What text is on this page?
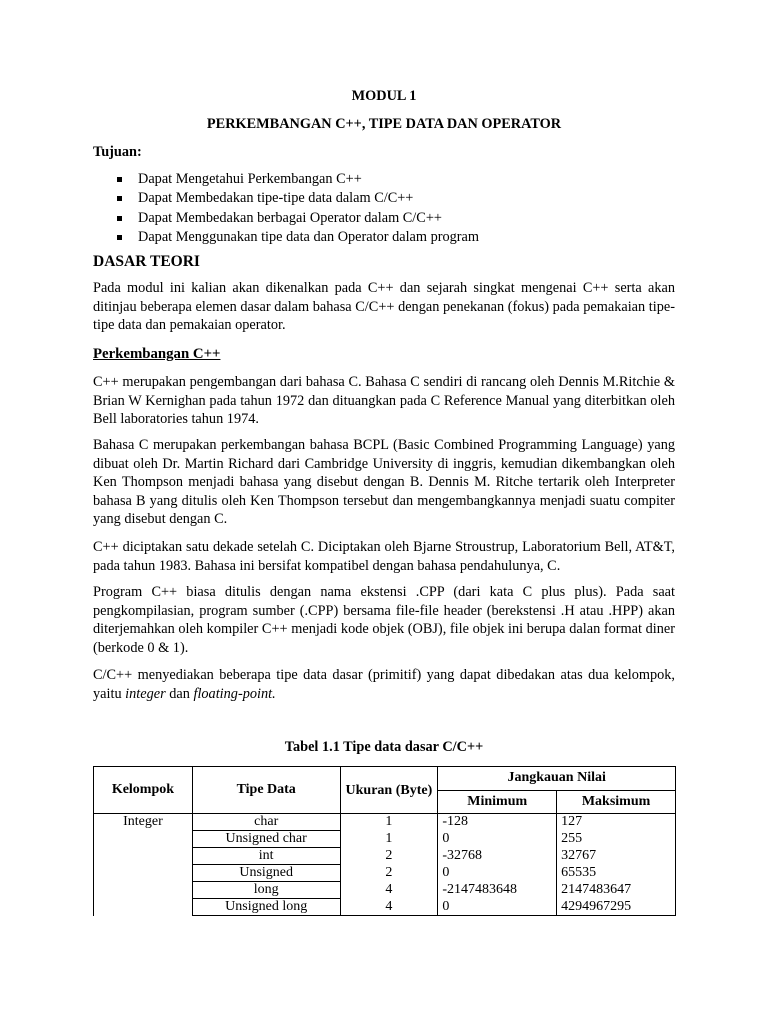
MODUL 1
PERKEMBANGAN C++, TIPE DATA DAN OPERATOR
Tujuan:
Dapat Mengetahui Perkembangan C++
Dapat Membedakan tipe-tipe data dalam C/C++
Dapat Membedakan berbagai Operator dalam C/C++
Dapat Menggunakan tipe data dan Operator dalam program
DASAR TEORI

Pada modul ini kalian akan dikenalkan pada C++ dan sejarah singkat mengenai C++ serta akan ditinjau beberapa elemen dasar dalam bahasa C/C++ dengan penekanan (fokus) pada pemakaian tipe-tipe data dan pemakaian operator.

Perkembangan C++

C++ merupakan pengembangan dari bahasa C. Bahasa C sendiri di rancang oleh Dennis M.Ritchie & Brian W Kernighan pada tahun 1972 dan dituangkan pada C Reference Manual yang diterbitkan oleh Bell laboratories tahun 1974.

Bahasa C merupakan perkembangan bahasa BCPL (Basic Combined Programming Language) yang dibuat oleh Dr. Martin Richard dari Cambridge University di inggris, kemudian dikembangkan oleh Ken Thompson menjadi bahasa yang disebut dengan B. Dennis M. Ritche tertarik oleh Interpreter bahasa B yang ditulis oleh Ken Thompson tersebut dan mengembangkannya menjadi suatu compiter yang disebut dengan C.

C++ diciptakan satu dekade setelah C. Diciptakan oleh Bjarne Stroustrup, Laboratorium Bell, AT&T, pada tahun 1983. Bahasa ini bersifat kompatibel dengan bahasa pendahulunya, C.

Program C++ biasa ditulis dengan nama ekstensi .CPP (dari kata C plus plus). Pada saat pengkompilasian, program sumber (.CPP) bersama file-file header (berekstensi .H atau .HPP) akan diterjemahkan oleh kompiler C++ menjadi kode objek (OBJ), file objek ini berupa dalan format diner (berkode 0 & 1).

C/C++ menyediakan beberapa tipe data dasar (primitif) yang dapat dibedakan atas dua kelompok, yaitu integer dan floating-point.

Tabel 1.1 Tipe data dasar C/C++
Kelompok	Tipe Data	Ukuran (Byte)	Jangkauan Nilai	
			Minimum	Maksimum
Integer	char	1	-128	127
	Unsigned char	1	0	255
	int	2	-32768	32767
	Unsigned	2	0	65535
	long	4	-2147483648	2147483647
	Unsigned long	4	0	4294967295
